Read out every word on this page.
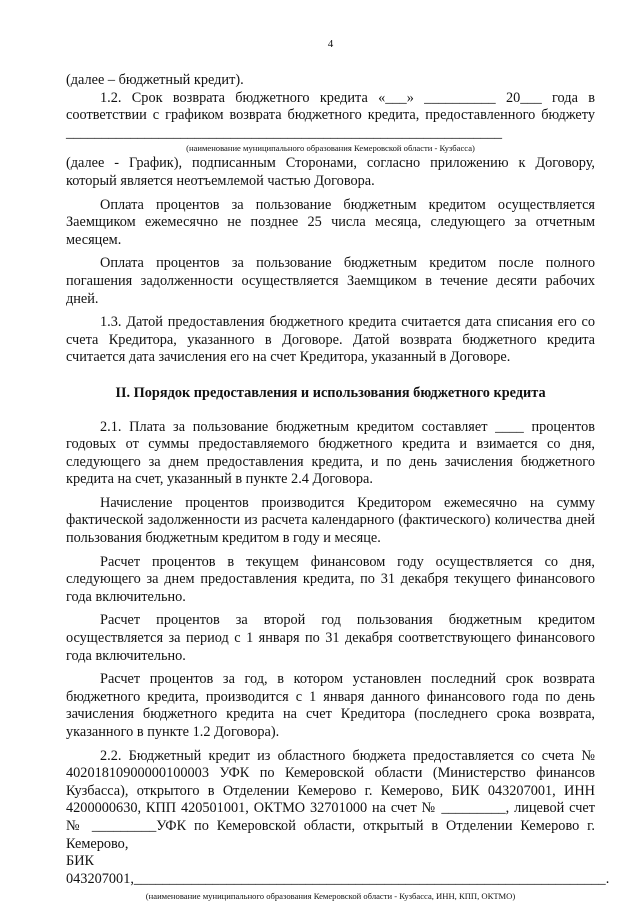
4

(далее – бюджетный кредит).

1.2. Срок возврата бюджетного кредита «___» __________ 20___ года в соответствии с графиком возврата бюджетного кредита, предоставленного бюджету _____________________________________________________________

(наименование муниципального образования Кемеровской области - Кузбасса)

(далее - График), подписанным Сторонами, согласно приложению к Договору, который является неотъемлемой частью Договора.

Оплата процентов за пользование бюджетным кредитом осуществляется Заемщиком ежемесячно не позднее 25 числа месяца, следующего за отчетным месяцем.

Оплата процентов за пользование бюджетным кредитом после полного погашения задолженности осуществляется Заемщиком в течение десяти рабочих дней.

1.3. Датой предоставления бюджетного кредита считается дата списания его со счета Кредитора, указанного в Договоре. Датой возврата бюджетного кредита считается дата зачисления его на счет Кредитора, указанный в Договоре.

II. Порядок предоставления и использования бюджетного кредита

2.1. Плата за пользование бюджетным кредитом составляет ____ процентов годовых от суммы предоставляемого бюджетного кредита и взимается со дня, следующего за днем предоставления кредита, и по день зачисления бюджетного кредита на счет, указанный в пункте 2.4 Договора.

Начисление процентов производится Кредитором ежемесячно на сумму фактической задолженности из расчета календарного (фактического) количества дней пользования бюджетным кредитом в году и месяце.

Расчет процентов в текущем финансовом году осуществляется со дня, следующего за днем предоставления кредита, по 31 декабря текущего финансового года включительно.

Расчет процентов за второй год пользования бюджетным кредитом осуществляется за период с 1 января по 31 декабря соответствующего финансового года включительно.

Расчет процентов за год, в котором установлен последний срок возврата бюджетного кредита, производится с 1 января данного финансового года по день зачисления бюджетного кредита на счет Кредитора (последнего срока возврата, указанного в пункте 1.2 Договора).

2.2. Бюджетный кредит из областного бюджета предоставляется со счета № 40201810900000100003 УФК по Кемеровской области (Министерство финансов Кузбасса), открытого в Отделении Кемерово г. Кемерово, БИК 043207001, ИНН 4200000630, КПП 420501001, ОКТМО 32701000 на счет № _________, лицевой счет № _________УФК по Кемеровской области, открытый в Отделении Кемерово г. Кемерово,

БИК 043207001,__________________________________________________________________.

(наименование муниципального образования Кемеровской области - Кузбасса, ИНН, КПП, ОКТМО)
